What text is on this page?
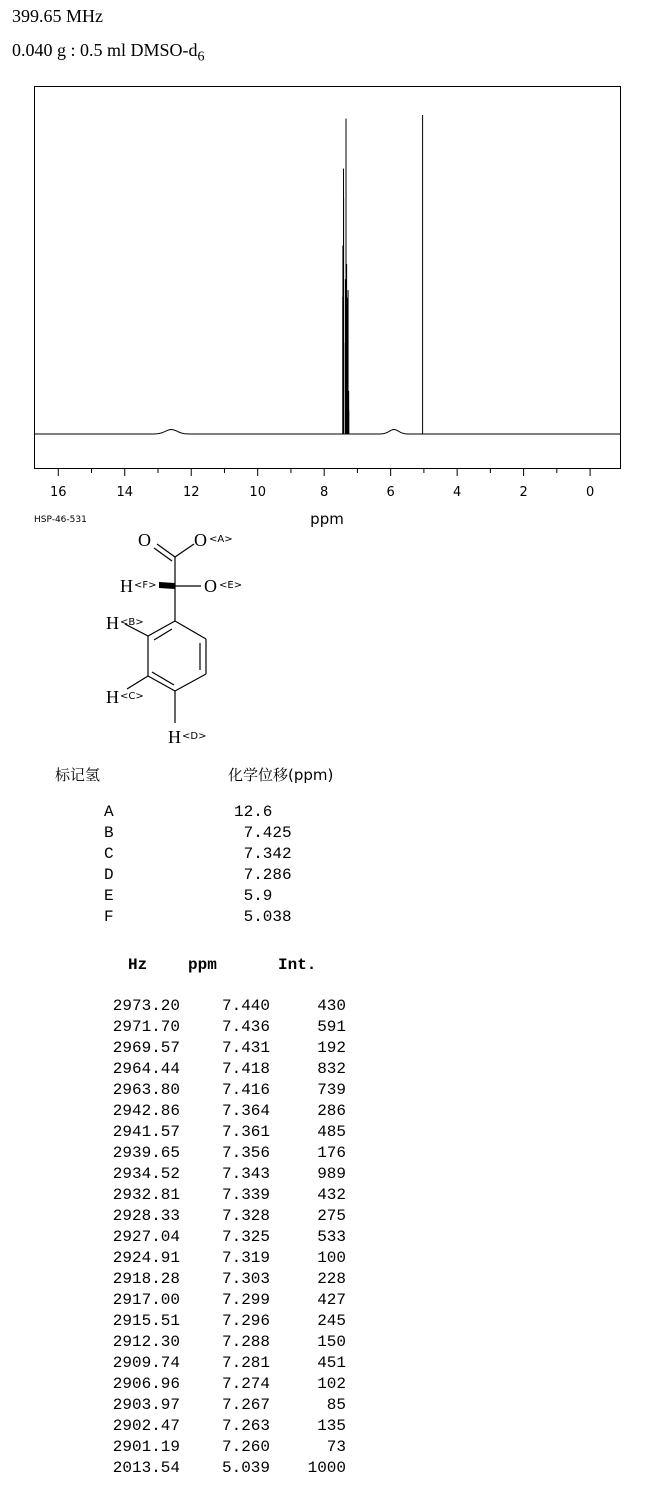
399.65 MHz
0.040 g : 0.5 ml DMSO-$d_6$
16	14	12	10	8	6	4	2	0
ppm
HSP-46-531
O O <A>
H <F>	O <E>
H <B>
H <C>
H <D>
标记氢	化学位移(ppm)
A	12.6
B	7.425
C	7.342
D	7.286
E	5.9
F	5.038
Hz	ppm	Int.
2973.20	7.440	430
2971.70	7.436	591
2969.57	7.431	192
2964.44	7.418	832
2963.80	7.416	739
2942.86	7.364	286
2941.57	7.361	485
2939.65	7.356	176
2934.52	7.343	989
2932.81	7.339	432
2928.33	7.328	275
2927.04	7.325	533
2924.91	7.319	100
2918.28	7.303	228
2917.00	7.299	427
2915.51	7.296	245
2912.30	7.288	150
2909.74	7.281	451
2906.96	7.274	102
2903.97	7.267	85
2902.47	7.263	135
2901.19	7.260	73
2013.54	5.039 1000
